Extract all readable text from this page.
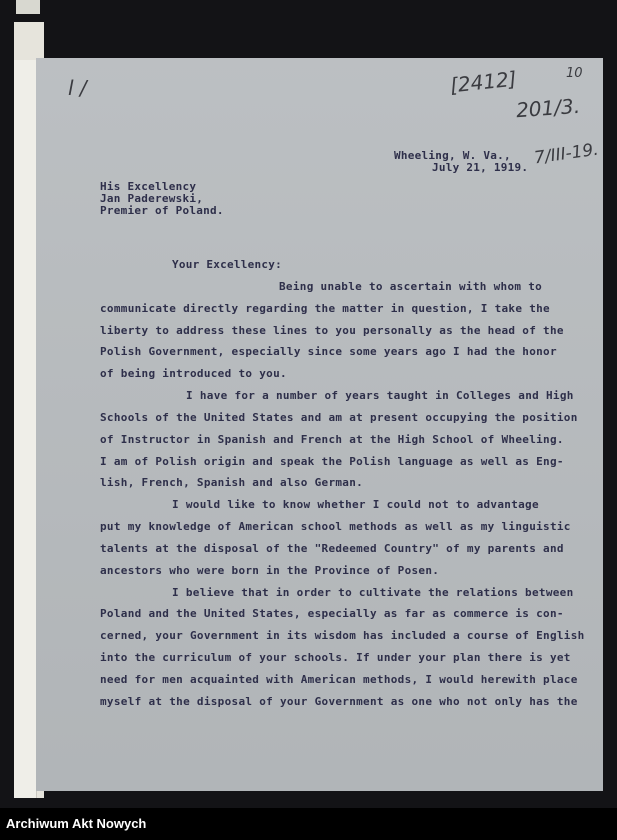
l /	[2412]
201/3.
10
7/III-19.
Wheeling, W. Va.,
July 21, 1919.
His Excellency
Jan Paderewski,
Premier of Poland.
Your Excellency:
Being unable to ascertain with whom to
communicate directly regarding the matter in question, I take the
liberty to address these lines to you personally as the head of the
Polish Government, especially since some years ago I had the honor
of being introduced to you.
I have for a number of years taught in Colleges and High
Schools of the United States and am at present occupying the position
of Instructor in Spanish and French at the High School of Wheeling.
I am of Polish origin and speak the Polish language as well as Eng-
lish, French, Spanish and also German.
I would like to know whether I could not to advantage
put my knowledge of American school methods as well as my linguistic
talents at the disposal of the "Redeemed Country" of my parents and
ancestors who were born in the Province of Posen.
I believe that in order to cultivate the relations between
Poland and the United States, especially as far as commerce is con-
cerned, your Government in its wisdom has included a course of English
into the curriculum of your schools. If under your plan there is yet
need for men acquainted with American methods, I would herewith place
myself at the disposal of your Government as one who not only has the
Archiwum Akt Nowych
